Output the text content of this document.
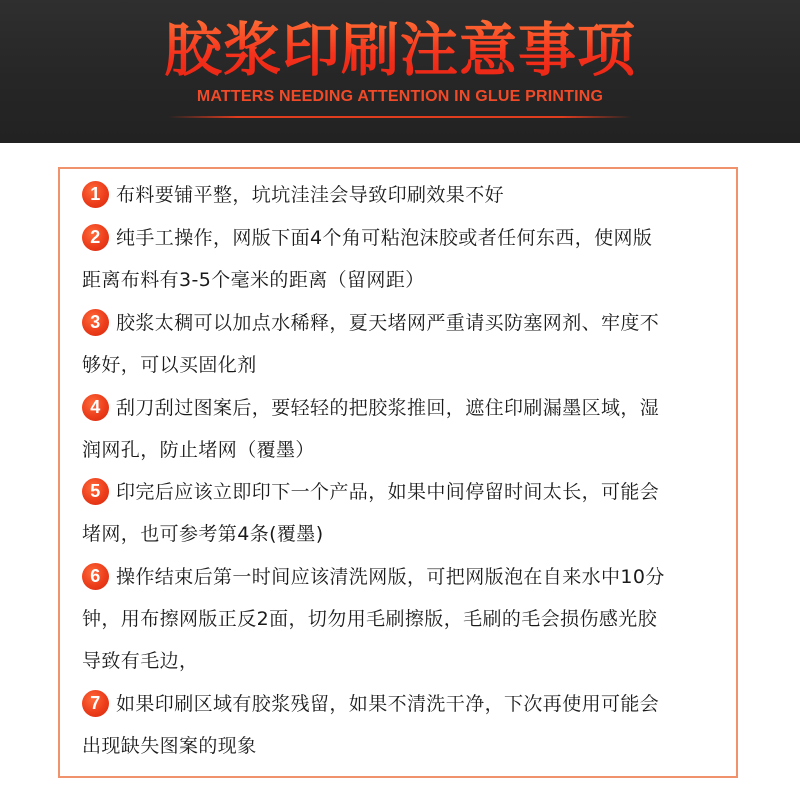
胶浆印刷注意事项
MATTERS NEEDING ATTENTION IN GLUE PRINTING
1 布料要铺平整，坑坑洼洼会导致印刷效果不好
2 纯手工操作，网版下面4个角可粘泡沫胶或者任何东西，使网版
距离布料有3-5个毫米的距离（留网距）
3 胶浆太稠可以加点水稀释，夏天堵网严重请买防塞网剂、牢度不
够好，可以买固化剂
4 刮刀刮过图案后，要轻轻的把胶浆推回，遮住印刷漏墨区域，湿
润网孔，防止堵网（覆墨）
5 印完后应该立即印下一个产品，如果中间停留时间太长，可能会
堵网，也可参考第4条(覆墨)
6 操作结束后第一时间应该清洗网版，可把网版泡在自来水中10分
钟，用布擦网版正反2面，切勿用毛刷擦版，毛刷的毛会损伤感光胶
导致有毛边，
7 如果印刷区域有胶浆残留，如果不清洗干净，下次再使用可能会
出现缺失图案的现象
